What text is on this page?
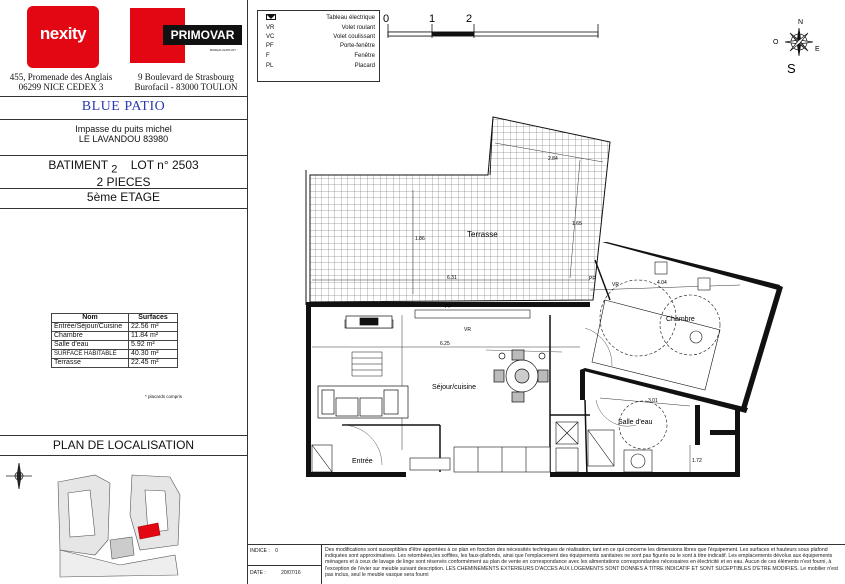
nexity	PRIMOVAR
BUREAU EXPLOIT
455, Promenade des Anglais
06299 NICE CEDEX 3
9 Boulevard de Strasbourg
Burofacil - 83000 TOULON
BLUE PATIO
Impasse du puits michel
LE LAVANDOU 83980
BATIMENT $_2$ LOT n° 2503
2 PIECES
5ème ETAGE
Nom	Surfaces
Entrée/Séjour/Cuisine	22.56 m²
Chambre	11.84 m²
Salle d'eau	5.92 m²
SURFACE HABITABLE	40.30 m²
Terrasse	22.45 m²
* placards compris
PLAN DE LOCALISATION
Tableau électrique
VR	Volet roulant
VC	Volet coulissant
PF	Porte-fenêtre
F	Fenêtre
PL	Placard
0	1	2	N
O
E
S
Terrasse
2.84
1.65
1.86
6.31
6.25
4.04
3.01
1.72
PF
VR
PF
VR
Séjour/cuisine
Entrée
Chambre
Salle d'eau
INDICE : 0
DATE :	20/07/16
Des modifications sont susceptibles d'être apportées à ce plan en fonction des nécessités techniques de réalisation, tant en ce qui concerne les dimensions libres que l'équipement. Les surfaces et hauteurs sous plafond indiquées sont approximatives. Les retombées,les soffites, les faux-plafonds, ainsi que l'emplacement des équipements sanitaires ne sont pas figurés ou le sont à titre indicatif. Les emplacements dévolus aux équipements ménagers et à ceux de lavage de linge sont réservés conformément au plan de vente en correspondance avec les alimentations correspondantes nécessaires en électricité et en eau. Aucun de ces éléments n'est fourni, à l'exception de l'évier sur meuble suivant description. LES CHEMINEMENTS EXTERIEURS D'ACCES AUX LOGEMENTS SONT DONNES A TITRE INDICATIF ET SONT SUCEPTIBLES D'ETRE MODIFIES. Le mobilier n'est pas inclus, seul le meuble vasque sera fourni
